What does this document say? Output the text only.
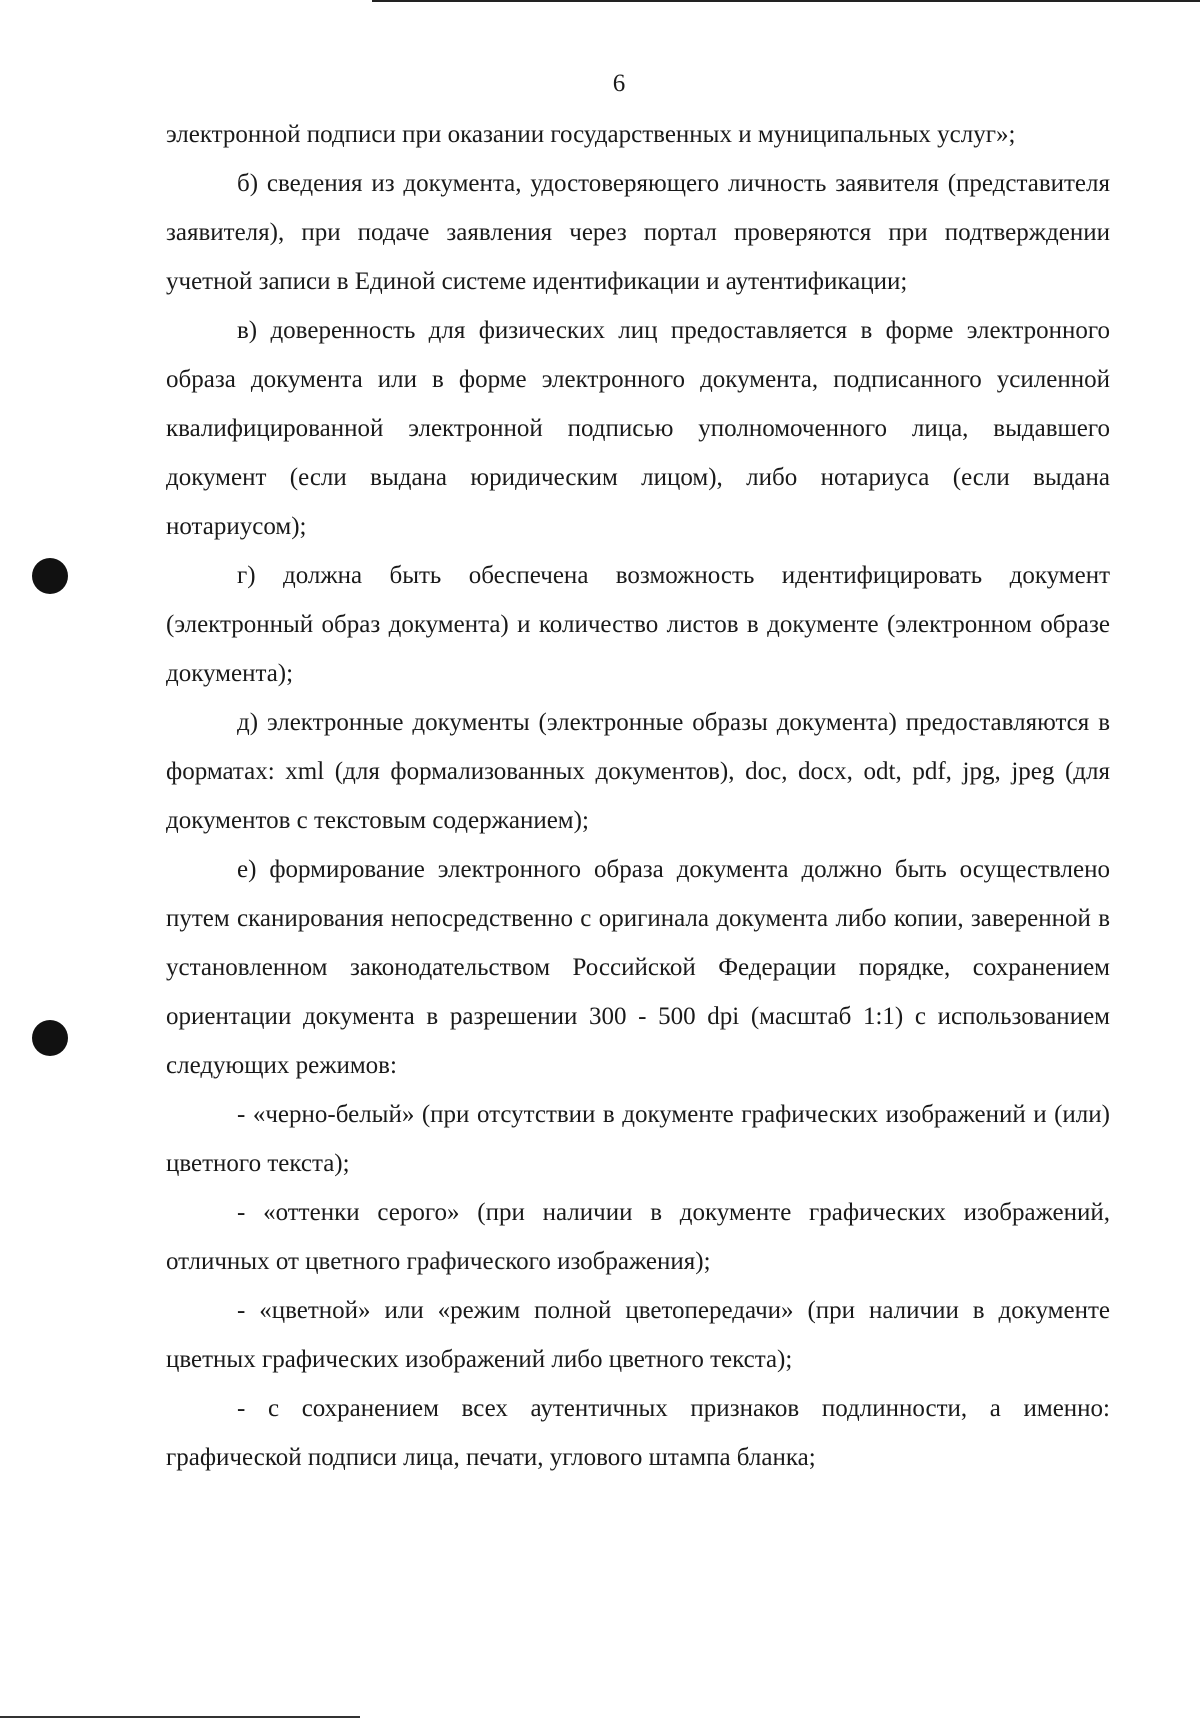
6

электронной подписи при оказании государственных и муниципальных услуг»;

б) сведения из документа, удостоверяющего личность заявителя (представителя заявителя), при подаче заявления через портал проверяются при подтверждении учетной записи в Единой системе идентификации и аутентификации;

в) доверенность для физических лиц предоставляется в форме электронного образа документа или в форме электронного документа, подписанного усиленной квалифицированной электронной подписью уполномоченного лица, выдавшего документ (если выдана юридическим лицом), либо нотариуса (если выдана нотариусом);

г) должна быть обеспечена возможность идентифицировать документ (электронный образ документа) и количество листов в документе (электронном образе документа);

д) электронные документы (электронные образы документа) предоставляются в форматах: xml (для формализованных документов), doc, docx, odt, pdf, jpg, jpeg (для документов с текстовым содержанием);

е) формирование электронного образа документа должно быть осуществлено путем сканирования непосредственно с оригинала документа либо копии, заверенной в установленном законодательством Российской Федерации порядке, сохранением ориентации документа в разрешении 300 - 500 dpi (масштаб 1:1) с использованием следующих режимов:

- «черно-белый» (при отсутствии в документе графических изображений и (или) цветного текста);

- «оттенки серого» (при наличии в документе графических изображений, отличных от цветного графического изображения);

- «цветной» или «режим полной цветопередачи» (при наличии в документе цветных графических изображений либо цветного текста);

- с сохранением всех аутентичных признаков подлинности, а именно: графической подписи лица, печати, углового штампа бланка;
